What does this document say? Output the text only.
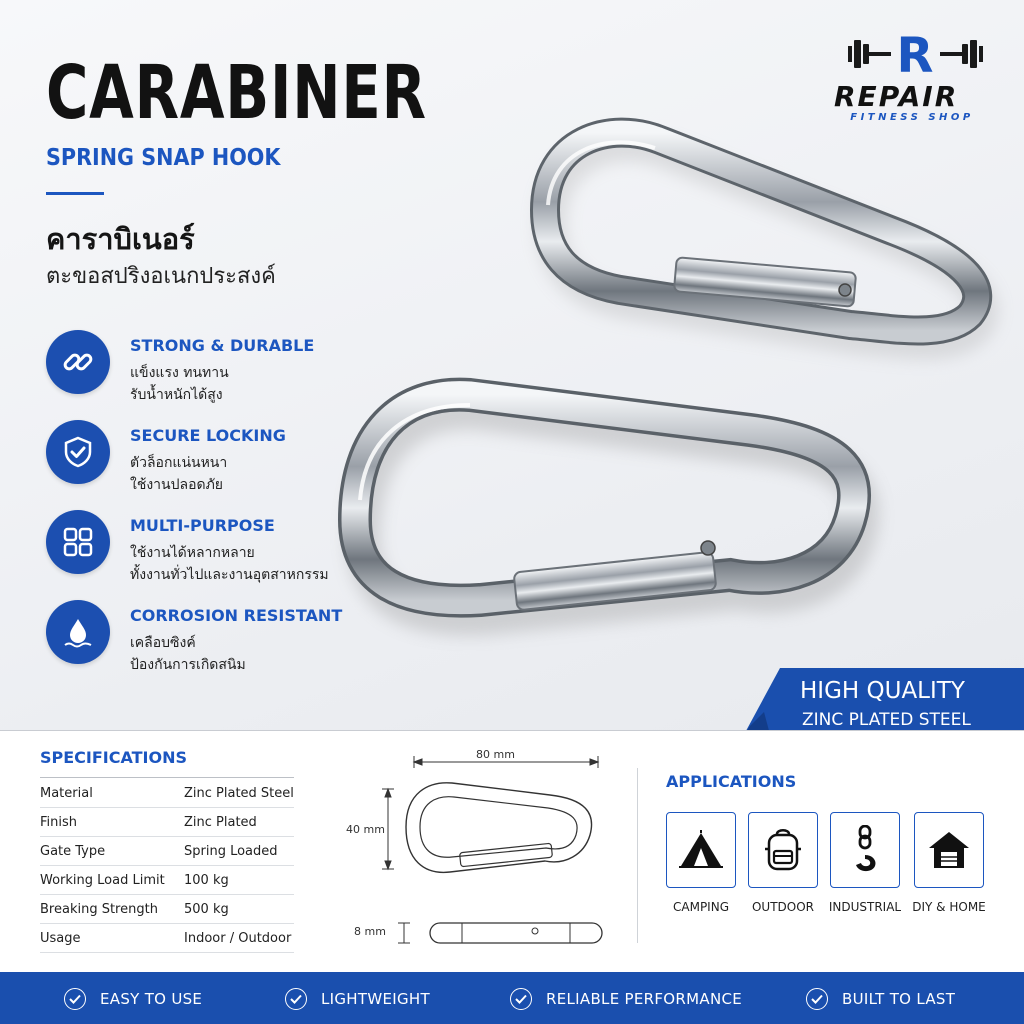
CARABINER
SPRING SNAP HOOK
คาราบิเนอร์
ตะขอสปริงอเนกประสงค์
R
REPAIR
FITNESS SHOP
STRONG & DURABLE
แข็งแรง ทนทาน
รับน้ำหนักได้สูง
SECURE LOCKING
ตัวล็อกแน่นหนา
ใช้งานปลอดภัย
MULTI-PURPOSE
ใช้งานได้หลากหลาย
ทั้งงานทั่วไปและงานอุตสาหกรรม
CORROSION RESISTANT
เคลือบซิงค์
ป้องกันการเกิดสนิม
HIGH QUALITY
ZINC PLATED STEEL
SPECIFICATIONS
Material	Zinc Plated Steel
Finish	Zinc Plated
Gate Type	Spring Loaded
Working Load Limit 100 kg
Breaking Strength 500 kg
Usage	Indoor / Outdoor
80 mm
40 mm
8 mm
APPLICATIONS
CAMPING	OUTDOOR	INDUSTRIAL DIY & HOME
EASY TO USE	LIGHTWEIGHT	RELIABLE PERFORMANCE	BUILT TO LAST
